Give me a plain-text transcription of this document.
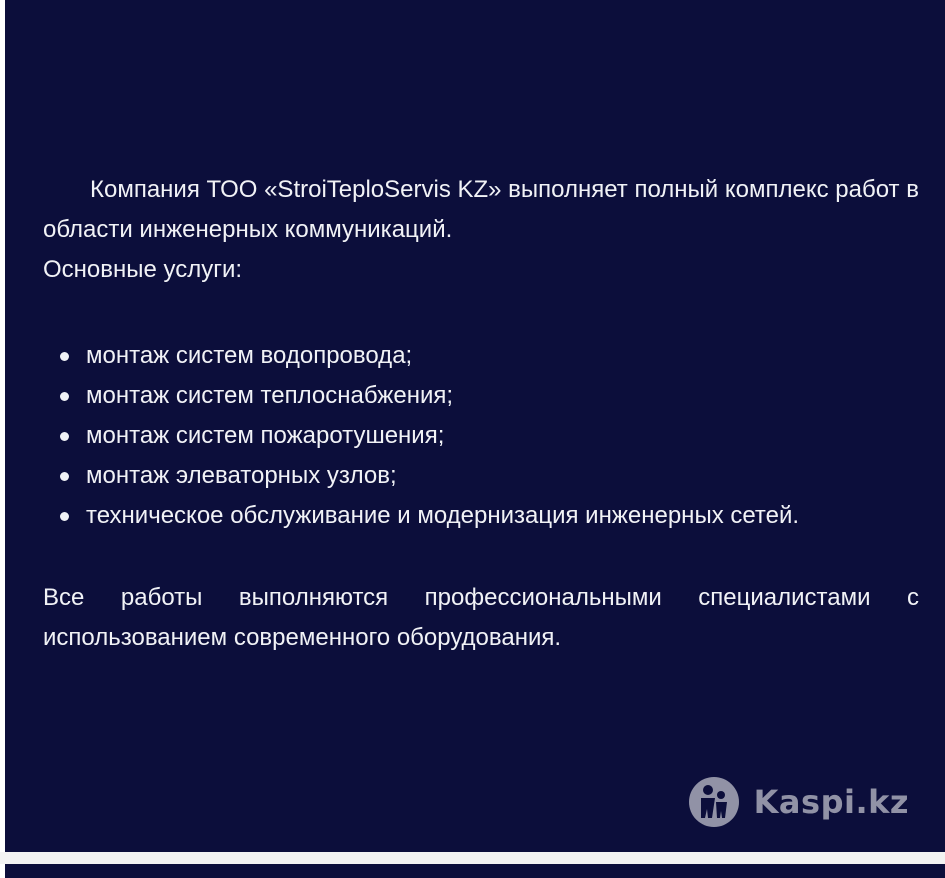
Компания ТОО «StroiTeploServis KZ» выполняет полный комплекс работ в области инженерных коммуникаций.

Основные услуги:

монтаж систем водопровода;
монтаж систем теплоснабжения;
монтаж систем пожаротушения;
монтаж элеваторных узлов;
техническое обслуживание и модернизация инженерных сетей.

Все работы выполняются профессиональными специалистами с использованием современного оборудования.

Kaspi.kz
